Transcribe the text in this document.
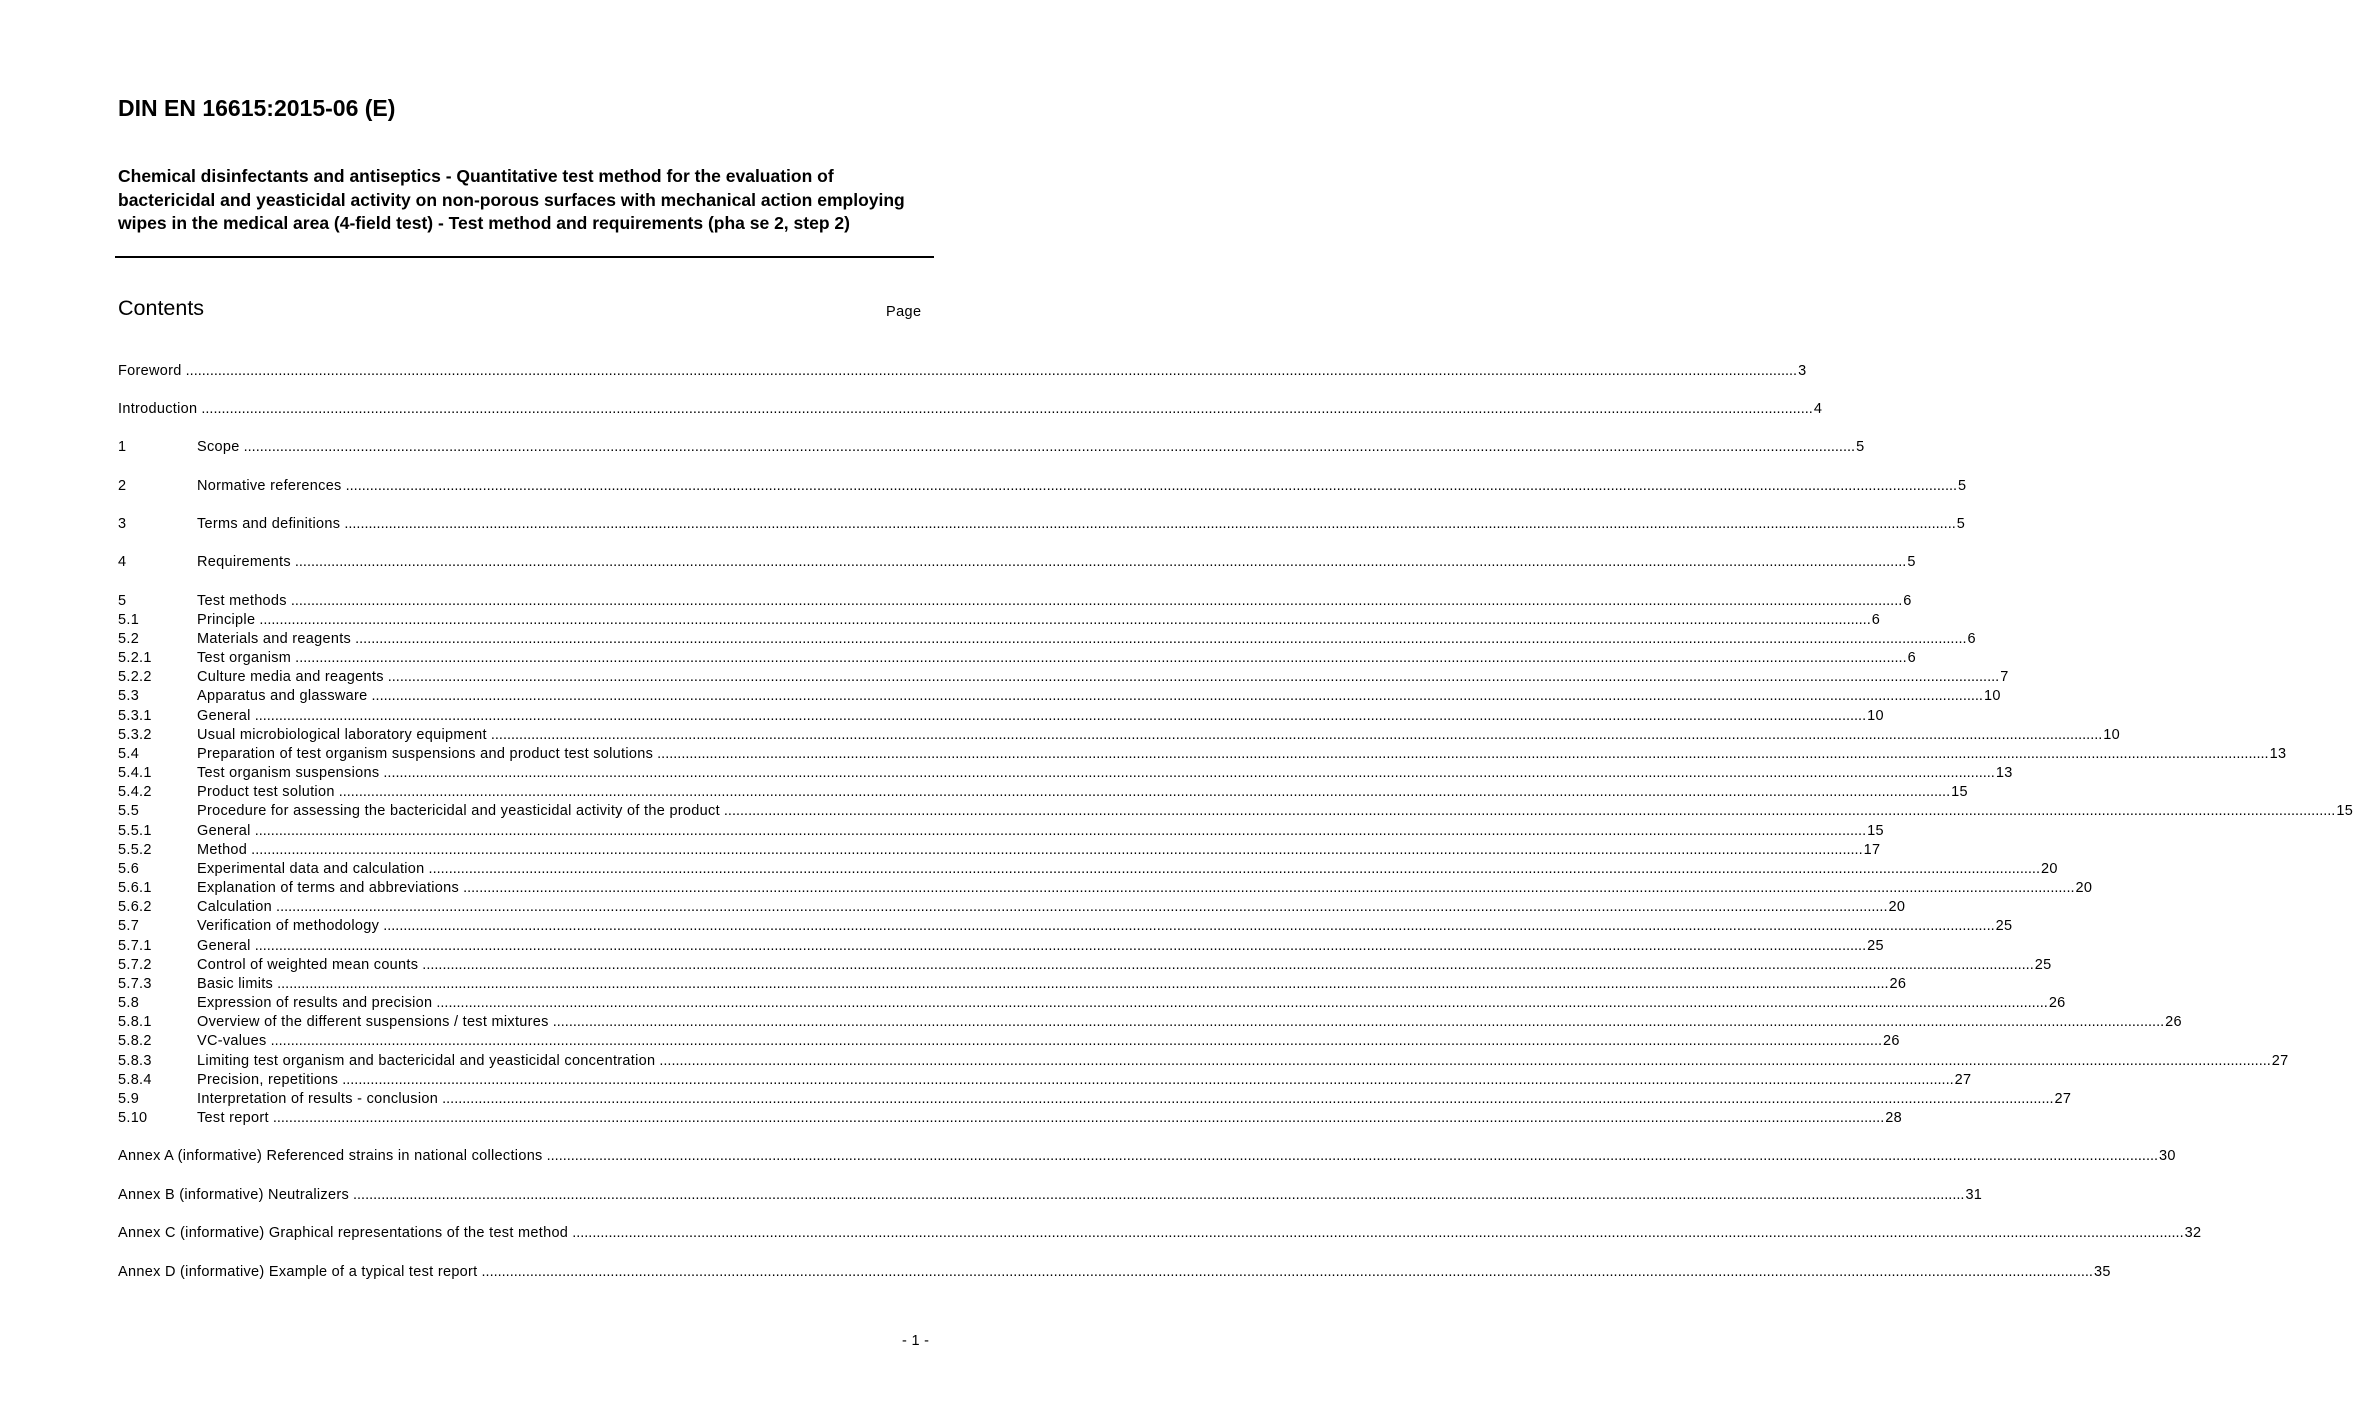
DIN EN 16615:2015-06 (E)
Chemical disinfectants and antiseptics - Quantitative test method for the evaluation of bactericidal and yeasticidal activity on non-porous surfaces with mechanical action employing wipes in the medical area (4-field test) - Test method and requirements (pha se 2, step 2)
Contents	Page
Foreword ................................................................................................................................................................................................................................................................................................................................................................................................................ 3
Introduction ................................................................................................................................................................................................................................................................................................................................................................................................................ 4
1	Scope ................................................................................................................................................................................................................................................................................................................................................................................................................ 5
2	Normative references ................................................................................................................................................................................................................................................................................................................................................................................................................ 5
3	Terms and definitions ................................................................................................................................................................................................................................................................................................................................................................................................................ 5
4	Requirements ................................................................................................................................................................................................................................................................................................................................................................................................................ 5
5	Test methods ................................................................................................................................................................................................................................................................................................................................................................................................................ 6
5.1	Principle ................................................................................................................................................................................................................................................................................................................................................................................................................ 6
5.2	Materials and reagents ................................................................................................................................................................................................................................................................................................................................................................................................................ 6
5.2.1	Test organism ................................................................................................................................................................................................................................................................................................................................................................................................................ 6
5.2.2	Culture media and reagents ................................................................................................................................................................................................................................................................................................................................................................................................................ 7
5.3	Apparatus and glassware ................................................................................................................................................................................................................................................................................................................................................................................................................ 10
5.3.1	General ................................................................................................................................................................................................................................................................................................................................................................................................................ 10
5.3.2	Usual microbiological laboratory equipment ................................................................................................................................................................................................................................................................................................................................................................................................................ 10
5.4	Preparation of test organism suspensions and product test solutions ................................................................................................................................................................................................................................................................................................................................................................................................................ 13
5.4.1	Test organism suspensions ................................................................................................................................................................................................................................................................................................................................................................................................................ 13
5.4.2	Product test solution ................................................................................................................................................................................................................................................................................................................................................................................................................ 15
5.5	Procedure for assessing the bactericidal and yeasticidal activity of the product ................................................................................................................................................................................................................................................................................................................................................................................................................ 15
5.5.1	General ................................................................................................................................................................................................................................................................................................................................................................................................................ 15
5.5.2	Method ................................................................................................................................................................................................................................................................................................................................................................................................................ 17
5.6	Experimental data and calculation ................................................................................................................................................................................................................................................................................................................................................................................................................ 20
5.6.1	Explanation of terms and abbreviations ................................................................................................................................................................................................................................................................................................................................................................................................................ 20
5.6.2	Calculation ................................................................................................................................................................................................................................................................................................................................................................................................................ 20
5.7	Verification of methodology ................................................................................................................................................................................................................................................................................................................................................................................................................ 25
5.7.1	General ................................................................................................................................................................................................................................................................................................................................................................................................................ 25
5.7.2	Control of weighted mean counts ................................................................................................................................................................................................................................................................................................................................................................................................................ 25
5.7.3	Basic limits ................................................................................................................................................................................................................................................................................................................................................................................................................ 26
5.8	Expression of results and precision ................................................................................................................................................................................................................................................................................................................................................................................................................ 26
5.8.1	Overview of the different suspensions / test mixtures ................................................................................................................................................................................................................................................................................................................................................................................................................ 26
5.8.2	VC-values ................................................................................................................................................................................................................................................................................................................................................................................................................ 26
5.8.3	Limiting test organism and bactericidal and yeasticidal concentration ................................................................................................................................................................................................................................................................................................................................................................................................................ 27
5.8.4	Precision, repetitions ................................................................................................................................................................................................................................................................................................................................................................................................................ 27
5.9	Interpretation of results - conclusion ................................................................................................................................................................................................................................................................................................................................................................................................................ 27
5.10	Test report ................................................................................................................................................................................................................................................................................................................................................................................................................ 28
Annex A (informative) Referenced strains in national collections ................................................................................................................................................................................................................................................................................................................................................................................................................ 30
Annex B (informative) Neutralizers ................................................................................................................................................................................................................................................................................................................................................................................................................ 31
Annex C (informative) Graphical representations of the test method ................................................................................................................................................................................................................................................................................................................................................................................................................ 32
Annex D (informative) Example of a typical test report ................................................................................................................................................................................................................................................................................................................................................................................................................ 35
- 1 -
